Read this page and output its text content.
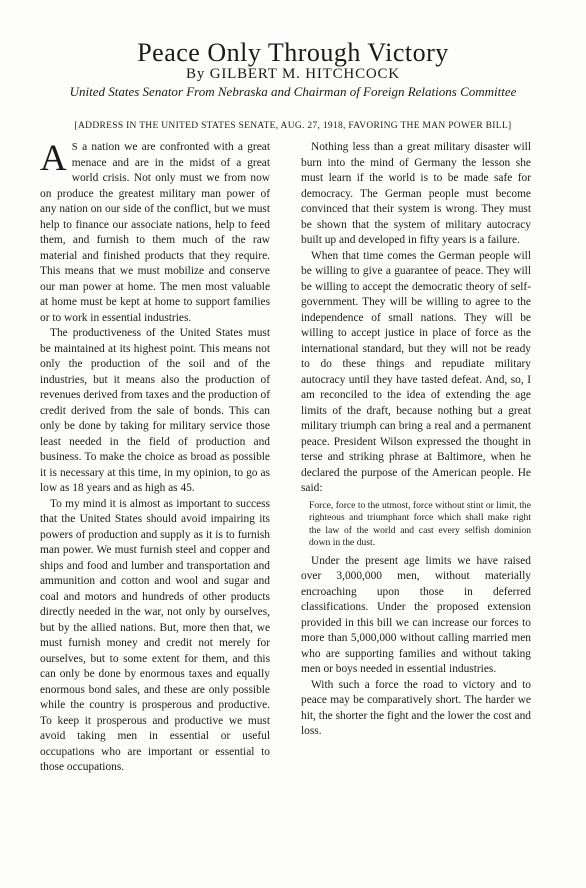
Peace Only Through Victory
By GILBERT M. HITCHCOCK
United States Senator From Nebraska and Chairman of Foreign Relations Committee
[ADDRESS IN THE UNITED STATES SENATE, AUG. 27, 1918, FAVORING THE MAN POWER BILL]

AS a nation we are confronted with a great menace and are in the midst of a great world crisis. Not only must we from now on produce the greatest military man power of any nation on our side of the conflict, but we must help to finance our associate nations, help to feed them, and furnish to them much of the raw material and finished products that they require. This means that we must mobilize and conserve our man power at home. The men most valuable at home must be kept at home to support families or to work in essential industries.

The productiveness of the United States must be maintained at its highest point. This means not only the production of the soil and of the industries, but it means also the production of revenues derived from taxes and the production of credit derived from the sale of bonds. This can only be done by taking for military service those least needed in the field of production and business. To make the choice as broad as possible it is necessary at this time, in my opinion, to go as low as 18 years and as high as 45.

To my mind it is almost as important to success that the United States should avoid impairing its powers of production and supply as it is to furnish man power. We must furnish steel and copper and ships and food and lumber and transportation and ammunition and cotton and wool and sugar and coal and motors and hundreds of other products directly needed in the war, not only by ourselves, but by the allied nations. But, more then that, we must furnish money and credit not merely for ourselves, but to some extent for them, and this can only be done by enormous taxes and equally enormous bond sales, and these are only possible while the country is prosperous and productive. To keep it prosperous and productive we must avoid taking men in essential or useful occupations who are important or essential to those occupations.

Nothing less than a great military disaster will burn into the mind of Germany the lesson she must learn if the world is to be made safe for democracy. The German people must become convinced that their system is wrong. They must be shown that the system of military autocracy built up and developed in fifty years is a failure.

When that time comes the German people will be willing to give a guarantee of peace. They will be willing to accept the democratic theory of self-government. They will be willing to agree to the independence of small nations. They will be willing to accept justice in place of force as the international standard, but they will not be ready to do these things and repudiate military autocracy until they have tasted defeat. And, so, I am reconciled to the idea of extending the age limits of the draft, because nothing but a great military triumph can bring a real and a permanent peace. President Wilson expressed the thought in terse and striking phrase at Baltimore, when he declared the purpose of the American people. He said:

Force, force to the utmost, force without stint or limit, the righteous and triumphant force which shall make right the law of the world and cast every selfish dominion down in the dust.

Under the present age limits we have raised over 3,000,000 men, without materially encroaching upon those in deferred classifications. Under the proposed extension provided in this bill we can increase our forces to more than 5,000,000 without calling married men who are supporting families and without taking men or boys needed in essential industries.

With such a force the road to victory and to peace may be comparatively short. The harder we hit, the shorter the fight and the lower the cost and loss.
